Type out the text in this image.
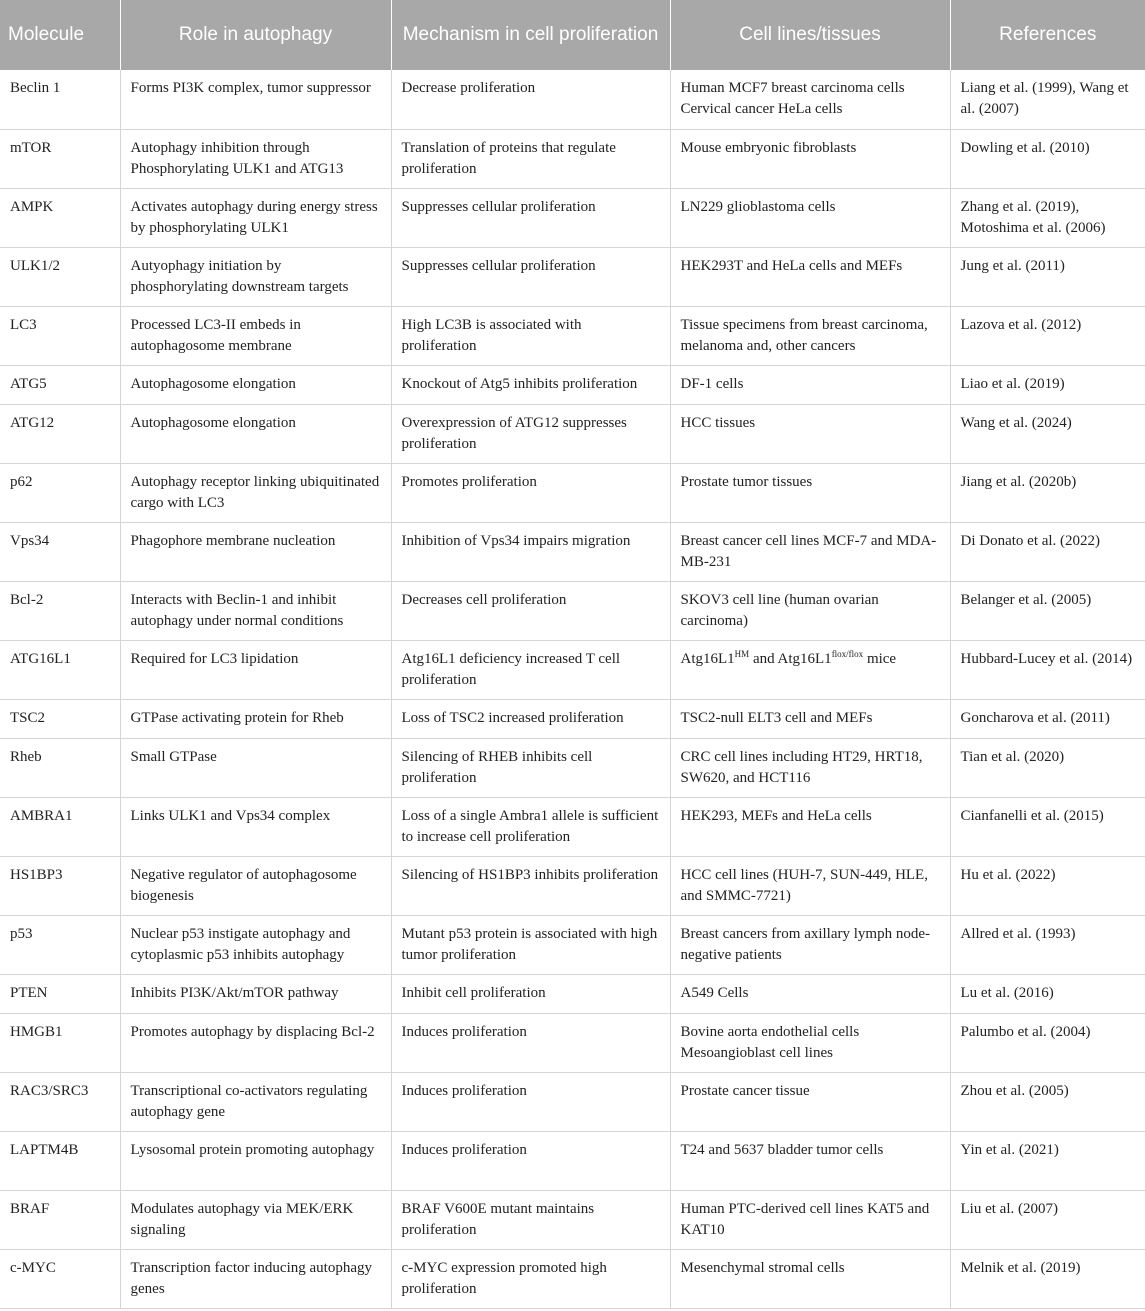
Molecule	Role in autophagy	Mechanism in cell proliferation	Cell lines/tissues	References
Beclin 1	Forms PI3K complex, tumor suppressor	Decrease proliferation	Human MCF7 breast carcinoma cells Cervical cancer HeLa cells	Liang et al. (1999), Wang et al. (2007)
mTOR	Autophagy inhibition through Phosphorylating ULK1 and ATG13	Translation of proteins that regulate proliferation	Mouse embryonic fibroblasts	Dowling et al. (2010)
AMPK	Activates autophagy during energy stress by phosphorylating ULK1	Suppresses cellular proliferation	LN229 glioblastoma cells	Zhang et al. (2019), Motoshima et al. (2006)
ULK1/2	Autyophagy initiation by phosphorylating downstream targets	Suppresses cellular proliferation	HEK293T and HeLa cells and MEFs	Jung et al. (2011)
LC3	Processed LC3-II embeds in autophagosome membrane	High LC3B is associated with proliferation	Tissue specimens from breast carcinoma, melanoma and, other cancers	Lazova et al. (2012)
ATG5	Autophagosome elongation	Knockout of Atg5 inhibits proliferation	DF-1 cells	Liao et al. (2019)
ATG12	Autophagosome elongation	Overexpression of ATG12 suppresses proliferation	HCC tissues	Wang et al. (2024)
p62	Autophagy receptor linking ubiquitinated cargo with LC3	Promotes proliferation	Prostate tumor tissues	Jiang et al. (2020b)
Vps34	Phagophore membrane nucleation	Inhibition of Vps34 impairs migration	Breast cancer cell lines MCF-7 and MDA-MB-231	Di Donato et al. (2022)
Bcl-2	Interacts with Beclin-1 and inhibit autophagy under normal conditions	Decreases cell proliferation	SKOV3 cell line (human ovarian carcinoma)	Belanger et al. (2005)
ATG16L1	Required for LC3 lipidation	Atg16L1 deficiency increased T cell proliferation	$Atg16L1^{HM}$ and $Atg16L1^{flox/flox}$ mice	Hubbard-Lucey et al. (2014)
TSC2	GTPase activating protein for Rheb	Loss of TSC2 increased proliferation	TSC2-null ELT3 cell and MEFs	Goncharova et al. (2011)
Rheb	Small GTPase	Silencing of RHEB inhibits cell proliferation	CRC cell lines including HT29, HRT18, SW620, and HCT116	Tian et al. (2020)
AMBRA1	Links ULK1 and Vps34 complex	Loss of a single Ambra1 allele is sufficient to increase cell proliferation	HEK293, MEFs and HeLa cells	Cianfanelli et al. (2015)
HS1BP3	Negative regulator of autophagosome biogenesis	Silencing of HS1BP3 inhibits proliferation	HCC cell lines (HUH-7, SUN-449, HLE, and SMMC-7721)	Hu et al. (2022)
p53	Nuclear p53 instigate autophagy and cytoplasmic p53 inhibits autophagy	Mutant p53 protein is associated with high tumor proliferation	Breast cancers from axillary lymph node-negative patients	Allred et al. (1993)
PTEN	Inhibits PI3K/Akt/mTOR pathway	Inhibit cell proliferation	A549 Cells	Lu et al. (2016)
HMGB1	Promotes autophagy by displacing Bcl-2	Induces proliferation	Bovine aorta endothelial cells Mesoangioblast cell lines	Palumbo et al. (2004)
RAC3/SRC3	Transcriptional co-activators regulating autophagy gene	Induces proliferation	Prostate cancer tissue	Zhou et al. (2005)
LAPTM4B	Lysosomal protein promoting autophagy	Induces proliferation	T24 and 5637 bladder tumor cells	Yin et al. (2021)
BRAF	Modulates autophagy via MEK/ERK signaling	BRAF V600E mutant maintains proliferation	Human PTC-derived cell lines KAT5 and KAT10	Liu et al. (2007)
c-MYC	Transcription factor inducing autophagy genes	c-MYC expression promoted high proliferation	Mesenchymal stromal cells	Melnik et al. (2019)
